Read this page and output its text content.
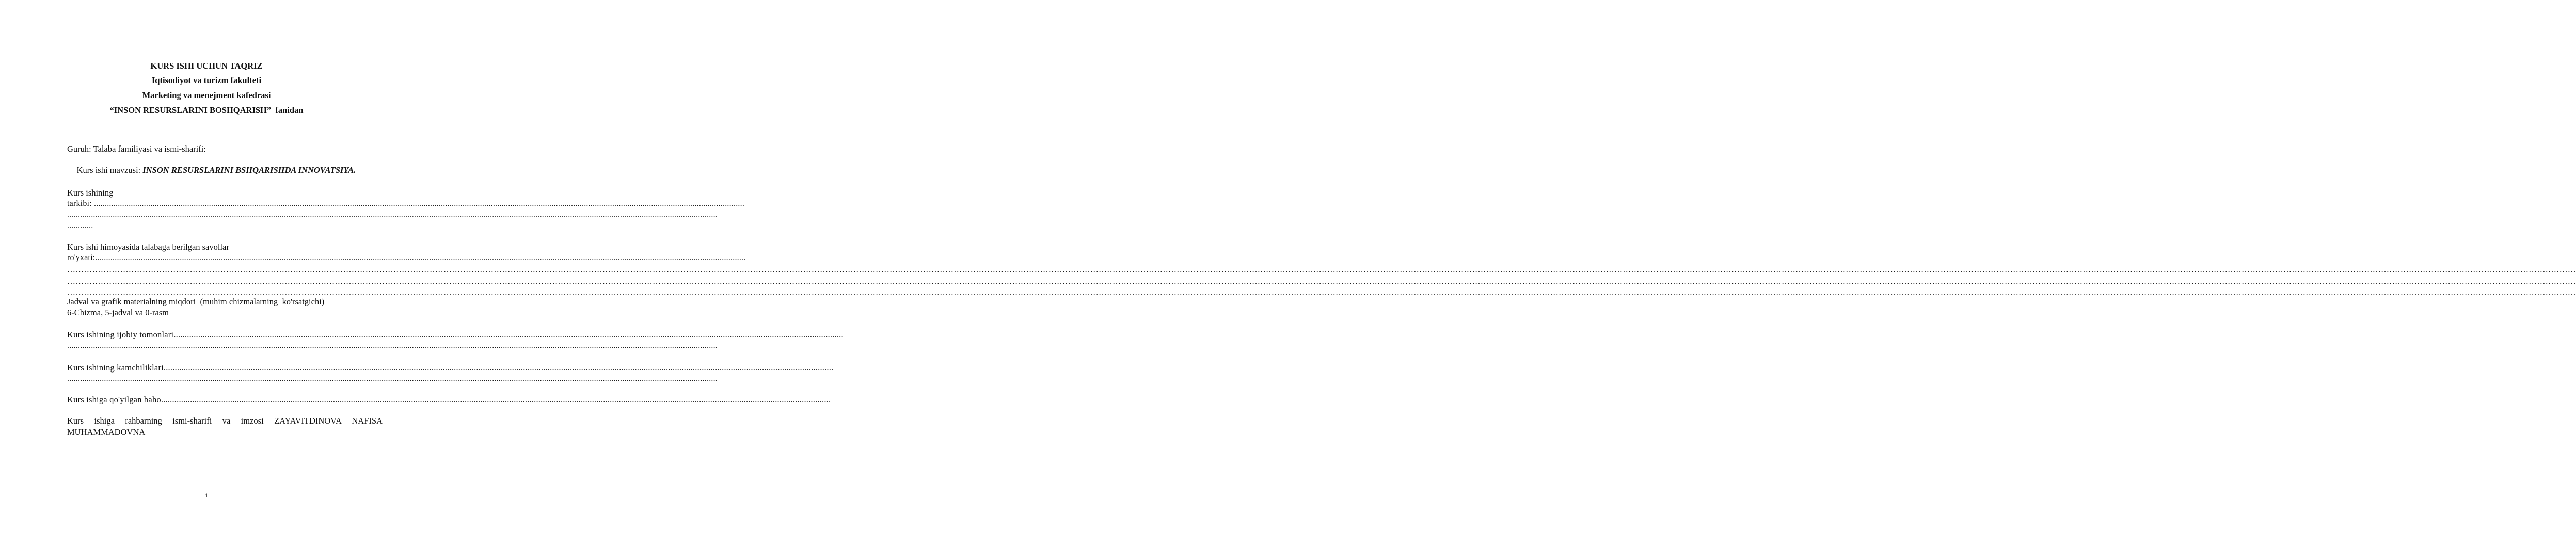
KURS ISHI UCHUN TAQRIZ
Iqtisodiyot va turizm fakulteti
Marketing va menejment kafedrasi
“INSON RESURSLARINI BOSHQARISH”  fanidan
Guruh: Talaba familiyasi va ismi-sharifi:

Kurs ishi mavzusi: INSON RESURSLARINI BSHQARISHDA INNOVATSIYA.

Kurs ishining
tarkibi: ............................................................................................................................................................................................................................................................................................................
............................................................................................................................................................................................................................................................................................................
............
Kurs ishi himoyasida talabaga berilgan savollar
ro'yxati:............................................................................................................................................................................................................................................................................................................
………………………………………………………………………………………………………………………………………………………………………………………………………………………………………………………………………………………………………………………………………………………………………………………………………………………………………………………………………………………………………………………………………………………………………………………………………………………………………………………………………………………………………………………………………………………………………………………………………………………………
………………………………………………………………………………………………………………………………………………………………………………………………………………………………………………………………………………………………………………………………………………………………………………………………………………………………………………………………………………………………………………………………………………………………………………………………………………………………………………………………………………………………………………………………………………………………………………………………………………………………
………………………………………………………………………………………………………………………………………………………………………………………………………………………………………………………………………………………………………………………………………………………………………………………………………………………………………………………………………………………………………………………………………………………………………………………………………………………………………………………………………………………………………………………………………………………………………………………………………………………………
Jadval va grafik materialning miqdori  (muhim chizmalarning  ko'rsatgichi)
6-Chizma, 5-jadval va 0-rasm
Kurs ishining ijobiy tomonlari............................................................................................................................................................................................................................................................................................................
............................................................................................................................................................................................................................................................................................................
Kurs ishining kamchiliklari............................................................................................................................................................................................................................................................................................................
............................................................................................................................................................................................................................................................................................................
Kurs ishiga qo'yilgan baho............................................................................................................................................................................................................................................................................................................
Kurs ishiga rahbarning ismi-sharifi va imzosi ZAYAVITDINOVA NAFISA MUHAMMADOVNA
1
